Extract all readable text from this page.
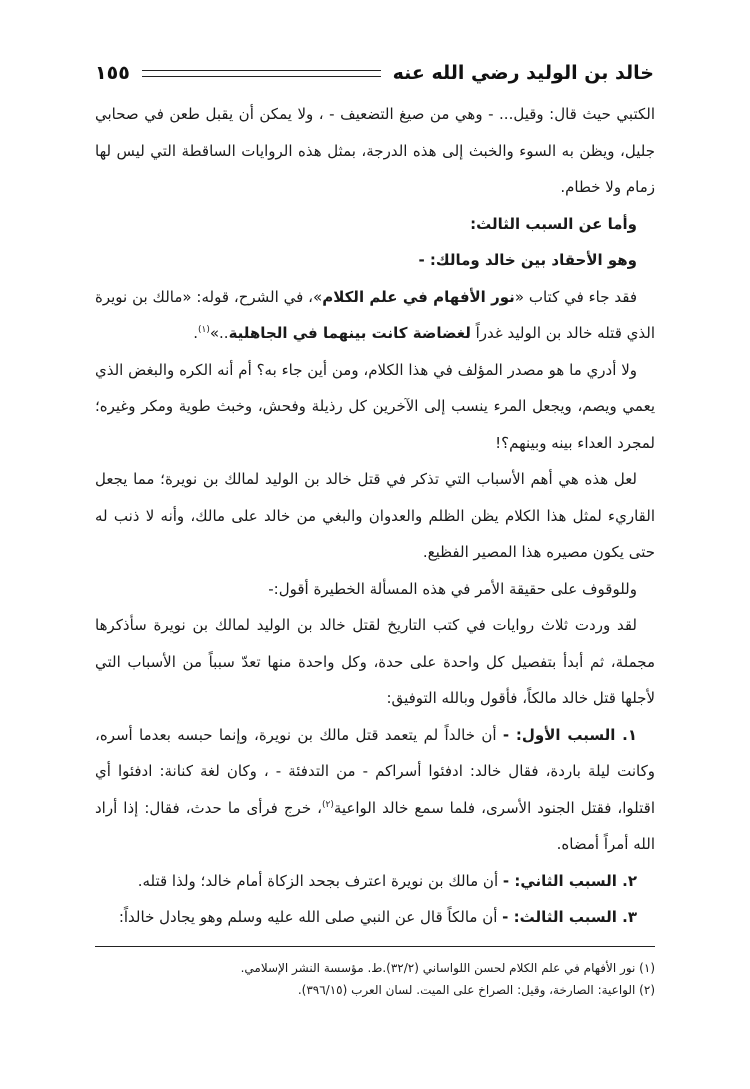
خالد بن الوليد رضي الله عنه
١٥٥

الكتبي حيث قال: وقيل... - وهي من صيغ التضعيف - ، ولا يمكن أن يقبل طعن في صحابي جليل، ويظن به السوء والخبث إلى هذه الدرجة، بمثل هذه الروايات الساقطة التي ليس لها زمام ولا خطام.

وأما عن السبب الثالث:

وهو الأحقاد بين خالد ومالك: -

فقد جاء في كتاب «نور الأفهام في علم الكلام»، في الشرح، قوله: «مالك بن نويرة الذي قتله خالد بن الوليد غدراً لغضاضة كانت بينهما في الجاهلية..»$^{(١)}$.

ولا أدري ما هو مصدر المؤلف في هذا الكلام، ومن أين جاء به؟ أم أنه الكره والبغض الذي يعمي ويصم، ويجعل المرء ينسب إلى الآخرين كل رذيلة وفحش، وخبث طوية ومكر وغيره؛ لمجرد العداء بينه وبينهم؟!

لعل هذه هي أهم الأسباب التي تذكر في قتل خالد بن الوليد لمالك بن نويرة؛ مما يجعل القاريء لمثل هذا الكلام يظن الظلم والعدوان والبغي من خالد على مالك، وأنه لا ذنب له حتى يكون مصيره هذا المصير الفظيع.

وللوقوف على حقيقة الأمر في هذه المسألة الخطيرة أقول:-

لقد وردت ثلاث روايات في كتب التاريخ لقتل خالد بن الوليد لمالك بن نويرة سأذكرها مجملة، ثم أبدأ بتفصيل كل واحدة على حدة، وكل واحدة منها تعدّ سبباً من الأسباب التي لأجلها قتل خالد مالكاً، فأقول وبالله التوفيق:

١. السبب الأول: - أن خالداً لم يتعمد قتل مالك بن نويرة، وإنما حبسه بعدما أسره، وكانت ليلة باردة، فقال خالد: ادفئوا أسراكم - من التدفئة - ، وكان لغة كنانة: ادفئوا أي اقتلوا، فقتل الجنود الأسرى، فلما سمع خالد الواعية$^{(٢)}$، خرج فرأى ما حدث، فقال: إذا أراد الله أمراً أمضاه.

٢. السبب الثاني: - أن مالك بن نويرة اعترف بجحد الزكاة أمام خالد؛ ولذا قتله.

٣. السبب الثالث: - أن مالكاً قال عن النبي صلى الله عليه وسلم وهو يجادل خالداً:

(١) نور الأفهام في علم الكلام لحسن اللواساني (٣٢/٢).ط. مؤسسة النشر الإسلامي.

(٢) الواعية: الصارخة، وقيل: الصراخ على الميت. لسان العرب (٣٩٦/١٥).
